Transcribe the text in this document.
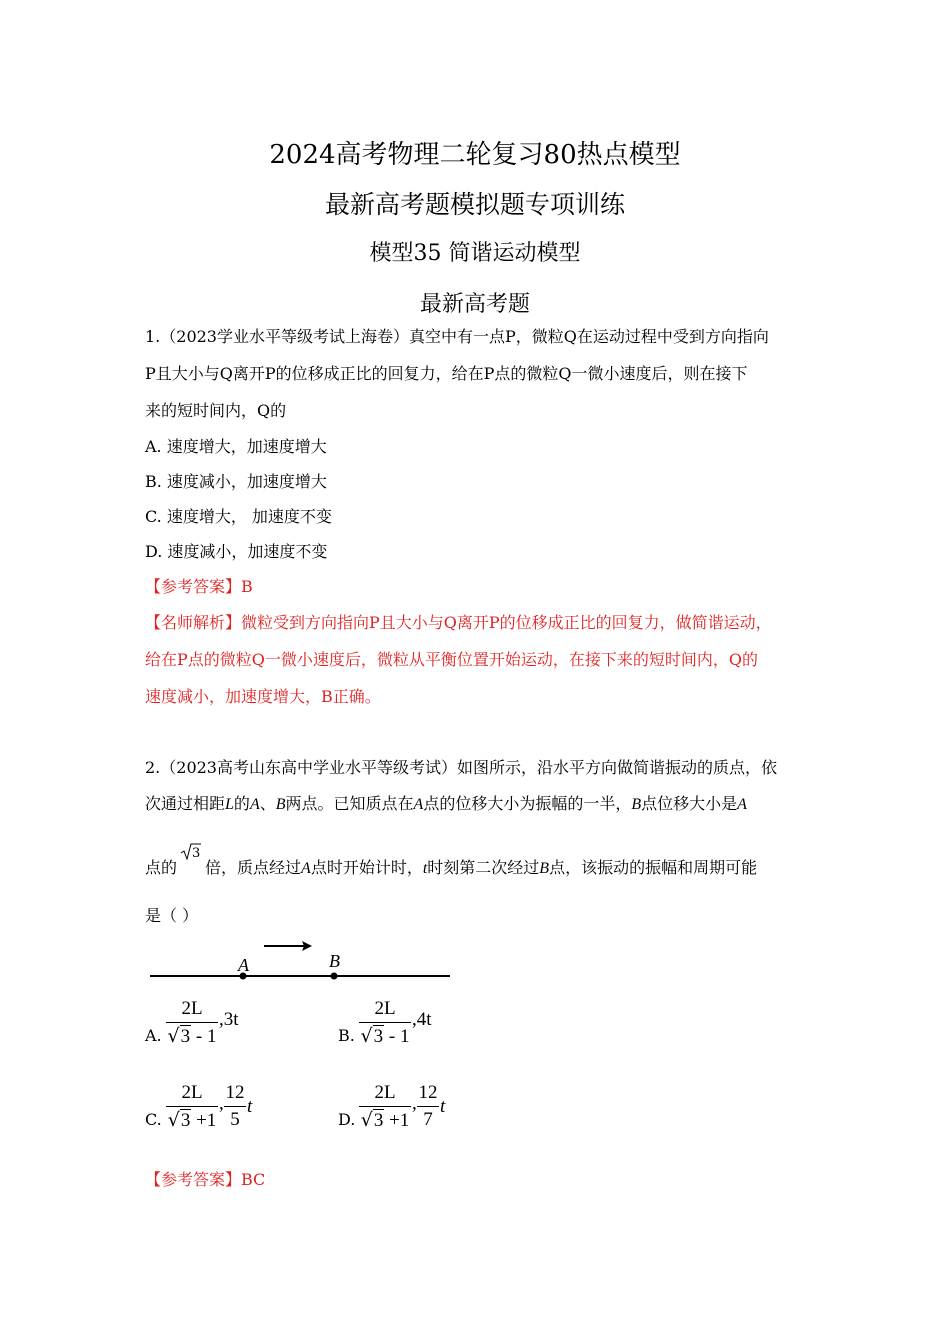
2024高考物理二轮复习80热点模型
最新高考题模拟题专项训练
模型35 简谐运动模型
最新高考题
1.（2023学业水平等级考试上海卷）真空中有一点P，微粒Q在运动过程中受到方向指向
P且大小与Q离开P的位移成正比的回复力，给在P点的微粒Q一微小速度后，则在接下
来的短时间内，Q的
A. 速度增大，加速度增大
B. 速度减小，加速度增大
C. 速度增大， 加速度不变
D. 速度减小，加速度不变
【参考答案】B
【名师解析】微粒受到方向指向P且大小与Q离开P的位移成正比的回复力，做简谐运动，
给在P点的微粒Q一微小速度后，微粒从平衡位置开始运动，在接下来的短时间内，Q的
速度减小，加速度增大，B正确。
2.（2023高考山东高中学业水平等级考试）如图所示，沿水平方向做简谐振动的质点，依
次通过相距L的A、B两点。已知质点在A点的位移大小为振幅的一半，B点位移大小是A
3
点的 倍，质点经过A点时开始计时，t时刻第二次经过B点，该振动的振幅和周期可能
是（ ）
A	B
A.
2L
√3 - 1
,3t
B.
2L
√3 - 1
,4t
C.
2L
√3 +1
,
12
5
t
D.
2L
√3 +1
,
12
7
t
【参考答案】BC
